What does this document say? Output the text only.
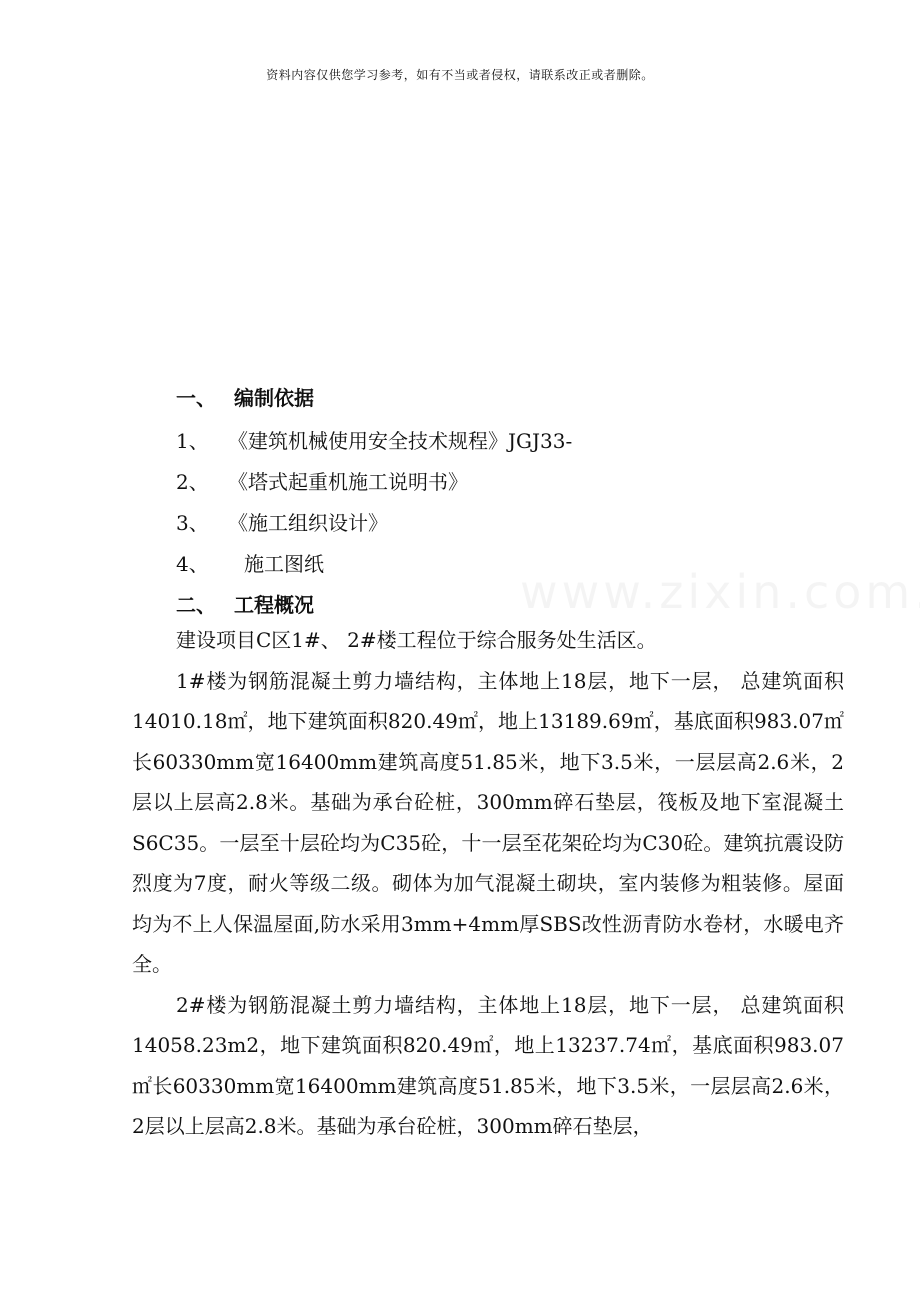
资料内容仅供您学习参考，如有不当或者侵权，请联系改正或者删除。
一、 编制依据
1、 《建筑机械使用安全技术规程》JGJ33-
2、 《塔式起重机施工说明书》
3、 《施工组织设计》
4、 施工图纸
二、 工程概况

建设项目C区1#、 2#楼工程位于综合服务处生活区。

1#楼为钢筋混凝土剪力墙结构，主体地上18层，地下一层， 总建筑面积14010.18㎡，地下建筑面积820.49㎡，地上13189.69㎡，基底面积983.07㎡长60330mm宽16400mm建筑高度51.85米，地下3.5米，一层层高2.6米，2层以上层高2.8米。基础为承台砼桩，300mm碎石垫层，筏板及地下室混凝土S6C35。一层至十层砼均为C35砼，十一层至花架砼均为C30砼。建筑抗震设防烈度为7度，耐火等级二级。砌体为加气混凝土砌块，室内装修为粗装修。屋面均为不上人保温屋面,防水采用3mm+4mm厚SBS改性沥青防水卷材，水暖电齐全。

2#楼为钢筋混凝土剪力墙结构，主体地上18层，地下一层， 总建筑面积14058.23m2，地下建筑面积820.49㎡，地上13237.74㎡，基底面积983.07㎡长60330mm宽16400mm建筑高度51.85米，地下3.5米，一层层高2.6米，2层以上层高2.8米。基础为承台砼桩，300mm碎石垫层，
